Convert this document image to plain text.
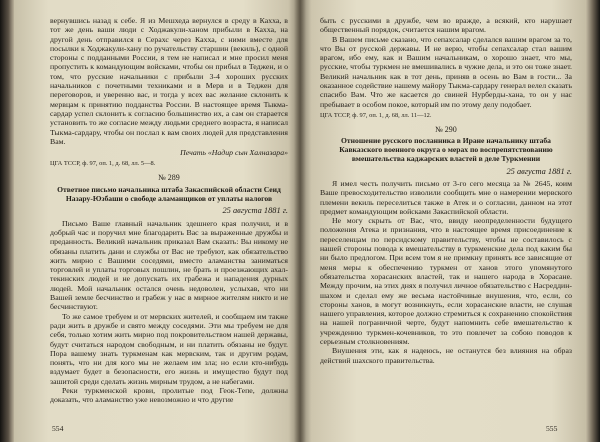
вернувшись назад к себе. Я из Мешхеда вернулся в среду в Кахха, в тот же день ваши люди с Ходжакули-ханом прибыли в Кахха, на другой день отправился в Серахс через Кахха, с ними вместе для посылки к Ходжакули-хану по ручательству старшин (векиль), с одной стороны с подданными России, я тем не написал и мне просил меня пропустить к командующим войсками, чтобы он прибыл в Теджен, и о том, что русские начальники с прибыли 3-4 хороших русских начальников с почетными техниками и в Мерв и в Теджен для переговоров, и уверенно вас, и тогда у всех вас желание склонить к мервцам к принятию подданства России. В настоящее время Тыкма-сардар успел склонить к согласию большинство их, а сам он старается установить то же согласие между людьми среднего возраста, я написал Тыкма-сардару, чтобы он послал к вам своих людей для представления Вам.

Печать «Надир сын Халназара»

ЦГА ТССР, ф. 97, оп. 1, д. 68, лл. 5—8.

№ 289

Ответное письмо начальника штаба Закаспийской области Сеид Назару-Юзбаши о свободе аламанщиков от уплаты налогов

25 августа 1881 г.

Письмо Ваше главный начальник здешнего края получил, и в добрый час и поручил мне благодарить Вас за выраженные дружбы и преданность. Великий начальник приказал Вам сказать: Вы никому не обязаны платить дани и службы от Вас не требуют, как обязательство жить мирно с Вашими соседями, вместо аламанства заниматься торговлей и уплаты торговых пошлин, не брать и проезжающих ахал-текинских людей и не допускать их грабежа и нападения дурных людей. Мой начальник остался очень недоволен, услыхав, что ни Вашей земле бесчинство и грабеж у нас в мирное жителям никто и не бесчинствуют.

То же самое требуем и от мервских жителей, и сообщаем им также ради жить в дружбе и свято между соседями. Эти мы требуем не для себя, только хотим жить мирно под покровительством нашей державы, будут считаться народом свободным, и ни платить обязаны не будут. Пора вашему знать туркменам как мервским, так и другим родам, понять, что ни для кого мы не желаем им зла; но если кто-нибудь вздумает будет в безопасности, его жизнь и имущество будут под зашитой среди сделать жизнь мирным трудом, а не набегами.

Реки туркменской крови, пролитые под Геок-Тепе, должны доказать, что аламанство уже невозможно и что другие

554

быть с русскими в дружбе, чем во вражде, а всякий, кто нарушает общественный порядок, считается нашим врагом.

В Вашем письме сказано, что сепахсалар сделался вашим врагом за то, что Вы от русской державы. И не верю, чтобы сепахсалар стал вашим врагом, ибо ему, как и Вашим начальникам, о хорошо знает, что мы, русские, чтобы туркмен не вмешивались в чужие дела, и это он тоже знает. Великий начальник как в тот день, приняв в осень во Вам в гости... За оказанное содействие нашему майору Тыкма-сардару генерал велел сказать спасибо Вам. Что же касается до свиней Нурберды-хана, то он у нас пребывает в особом покое, который им по этому делу подобает.

ЦГА ТССР, ф. 97, оп. 1, д. 68, лл. 11—12.

№ 290

Отношение русского посланника в Иране начальнику штаба Кавказского военного округа о мерах по воспрепятствованию вмешательства каджарских властей в деле Туркмении

25 августа 1881 г.

Я имел честь получить письмо от 3-го сего месяца за № 2645, коим Ваше превосходительство изволили сообщить мне о намерении мервского племени векиль переселиться также в Атек и о согласии, данном на этот предмет командующим войсками Закаспийской области.

Не могу скрыть от Вас, что, ввиду неопределенности будущего положения Атека и признания, что в настоящее время присоединение к переселенцам по персидскому правительству, чтобы не составилось с нашей стороны повода к вмешательству в туркменские дела под каким бы ни было предлогом. При всем том я не примкну принять все зависящие от меня меры к обеспечению туркмен от ханов этого упомянутого обязательства хорасанских властей, так и нашего народа в Хорасане. Между прочим, на этих днях я получил личное обязательство с Насреддин-шахом и сделал ему же весьма настойчивые внушения, что, если, со стороны ханов, в могут возникнуть, если хорасанские власти, не слушая нашего управления, которое должно стремиться к сохранению спокойствия на нашей пограничной черте, будут напомнить себе вмешательство к учреждению туркмен-кочевников, то это повлечет за собою поводов к серьезным столкновениям.

Внушения эти, как я надеюсь, не останутся без влияния на образ действий шахского правительства.

555
